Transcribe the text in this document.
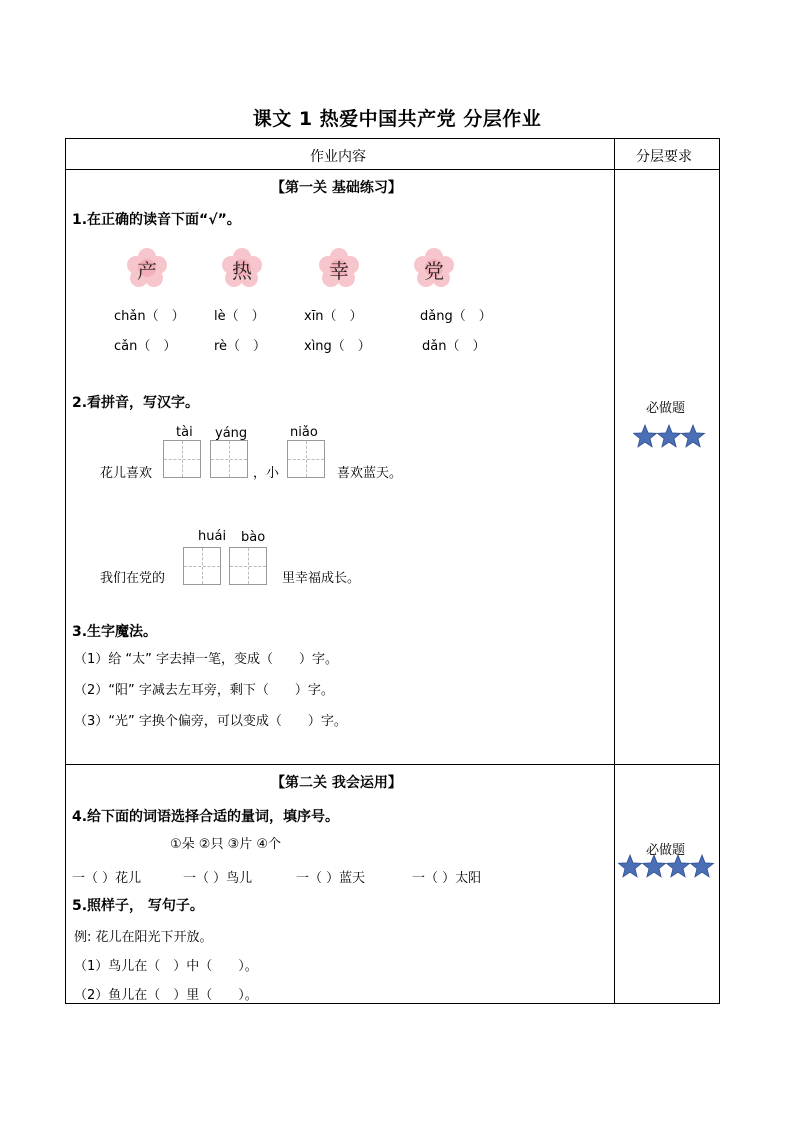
课文 1 热爱中国共产党 分层作业
作业内容	分层要求
【第一关 基础练习】
1.在正确的读音下面“√”。
产	热	幸	党
chǎn（　） lè（　）	xīn（　）	dǎng（　）
cǎn（　）	rè（　）	xìng（　）	dǎn（　）
2.看拼音，写汉字。
tài yáng	niǎo
花儿喜欢	，小	喜欢蓝天。
huái bào
我们在党的	里幸福成长。
3.生字魔法。
（1）给 “太” 字去掉一笔，变成（　　）字。
（2）“阳” 字减去左耳旁，剩下（　　）字。
（3）“光” 字换个偏旁，可以变成（　　）字。
必做题
【第二关 我会运用】
4.给下面的词语选择合适的量词，填序号。
①朵 ②只 ③片 ④个
一（ ）花儿	一（ ）鸟儿	一（ ）蓝天	一（ ）太阳
5.照样子， 写句子。
例: 花儿在阳光下开放。
（1）鸟儿在（　）中（　　）。
（2）鱼儿在（　）里（　　）。
必做题
